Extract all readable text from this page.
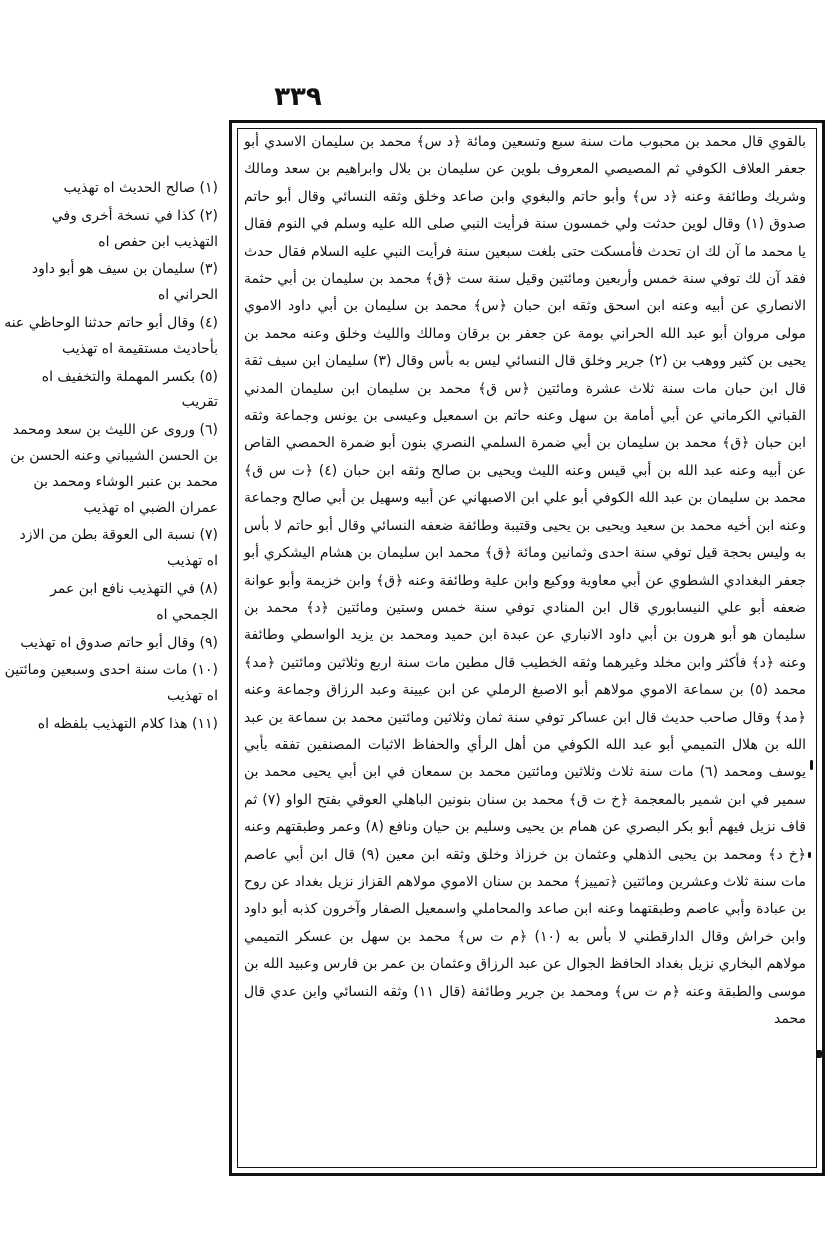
٣٣٩

(١) صالح الحديث اه تهذيب

(٢) كذا في نسخة أخرى وفي التهذيب ابن حفص اه

(٣) سليمان بن سيف هو أبو داود الحراني اه

(٤) وقال أبو حاتم حدثنا الوحاظي عنه بأحاديث مستقيمة اه تهذيب

(٥) بكسر المهملة والتخفيف اه تقريب

(٦) وروى عن الليث بن سعد ومحمد بن الحسن الشيباني وعنه الحسن بن محمد بن عنبر الوشاء ومحمد بن عمران الضبي اه تهذيب

(٧) نسبة الى العوقة بطن من الازد اه تهذيب

(٨) في التهذيب نافع ابن عمر الجمحي اه

(٩) وقال أبو حاتم صدوق اه تهذيب

(١٠) مات سنة احدى وسبعين ومائتين اه تهذيب

(١١) هذا كلام التهذيب بلفظه اه

بالقوي قال محمد بن محبوب مات سنة سبع وتسعين ومائة ﴿د س﴾ محمد بن سليمان الاسدي أبو جعفر العلاف الكوفي ثم المصيصي المعروف بلوين عن سليمان بن بلال وابراهيم بن سعد ومالك وشريك وطائفة وعنه ﴿د س﴾ وأبو حاتم والبغوي وابن صاعد وخلق وثقه النسائي وقال أبو حاتم صدوق (١) وقال لوين حدثت ولي خمسون سنة فرأيت النبي صلى الله عليه وسلم في النوم فقال يا محمد ما آن لك ان تحدث فأمسكت حتى بلغت سبعين سنة فرأيت النبي عليه السلام فقال حدث فقد آن لك توفي سنة خمس وأربعين ومائتين وقيل سنة ست ﴿ق﴾ محمد بن سليمان بن أبي حثمة الانصاري عن أبيه وعنه ابن اسحق وثقه ابن حبان ﴿س﴾ محمد بن سليمان بن أبي داود الاموي مولى مروان أبو عبد الله الحراني بومة عن جعفر بن برقان ومالك والليث وخلق وعنه محمد بن يحيى بن كثير ووهب بن (٢) جرير وخلق قال النسائي ليس به بأس وقال (٣) سليمان ابن سيف ثقة قال ابن حبان مات سنة ثلاث عشرة ومائتين ﴿س ق﴾ محمد بن سليمان ابن سليمان المدني القباني الكرماني عن أبي أمامة بن سهل وعنه حاتم بن اسمعيل وعيسى بن يونس وجماعة وثقه ابن حبان ﴿ق﴾ محمد بن سليمان بن أبي ضمرة السلمي النصري بنون أبو ضمرة الحمصي القاص عن أبيه وعنه عبد الله بن أبي قيس وعنه الليث ويحيى بن صالح وثقه ابن حبان (٤) ﴿ت س ق﴾ محمد بن سليمان بن عبد الله الكوفي أبو علي ابن الاصبهاني عن أبيه وسهيل بن أبي صالح وجماعة وعنه ابن أخيه محمد بن سعيد ويحيى بن يحيى وقتيبة وطائفة ضعفه النسائي وقال أبو حاتم لا بأس به وليس بحجة قيل توفي سنة احدى وثمانين ومائة ﴿ق﴾ محمد ابن سليمان بن هشام اليشكري أبو جعفر البغدادي الشطوي عن أبي معاوية ووكيع وابن علية وطائفة وعنه ﴿ق﴾ وابن خزيمة وأبو عوانة ضعفه أبو علي النيسابوري قال ابن المنادي توفي سنة خمس وستين ومائتين ﴿د﴾ محمد بن سليمان هو أبو هرون بن أبي داود الانباري عن عبدة ابن حميد ومحمد بن يزيد الواسطي وطائفة وعنه ﴿د﴾ فأكثر وابن مخلد وغيرهما وثقه الخطيب قال مطين مات سنة اربع وثلاثين ومائتين ﴿مد﴾ محمد (٥) بن سماعة الاموي مولاهم أبو الاصبغ الرملي عن ابن عيينة وعبد الرزاق وجماعة وعنه ﴿مد﴾ وقال صاحب حديث قال ابن عساكر توفي سنة ثمان وثلاثين ومائتين محمد بن سماعة بن عبد الله بن هلال التميمي أبو عبد الله الكوفي من أهل الرأي والحفاظ الاثبات المصنفين تفقه بأبي يوسف ومحمد (٦) مات سنة ثلاث وثلاثين ومائتين محمد بن سمعان في ابن أبي يحيى محمد بن سمير في ابن شمير بالمعجمة ﴿خ ت ق﴾ محمد بن سنان بنونين الباهلي العوقي بفتح الواو (٧) ثم قاف نزيل فيهم أبو بكر البصري عن همام بن يحيى وسليم بن حيان ونافع (٨) وعمر وطبقتهم وعنه ﴿خ د﴾ ومحمد بن يحيى الذهلي وعثمان بن خرزاذ وخلق وثقه ابن معين (٩) قال ابن أبي عاصم مات سنة ثلاث وعشرين ومائتين ﴿تمييز﴾ محمد بن سنان الاموي مولاهم القزاز نزيل بغداد عن روح بن عبادة وأبي عاصم وطبقتهما وعنه ابن صاعد والمحاملي واسمعيل الصفار وآخرون كذبه أبو داود وابن خراش وقال الدارقطني لا بأس به (١٠) ﴿م ت س﴾ محمد بن سهل بن عسكر التميمي مولاهم البخاري نزيل بغداد الحافظ الجوال عن عبد الرزاق وعثمان بن عمر بن فارس وعبيد الله بن موسى والطبقة وعنه ﴿م ت س﴾ ومحمد بن جرير وطائفة (قال ١١) وثقه النسائي وابن عدي قال محمد
